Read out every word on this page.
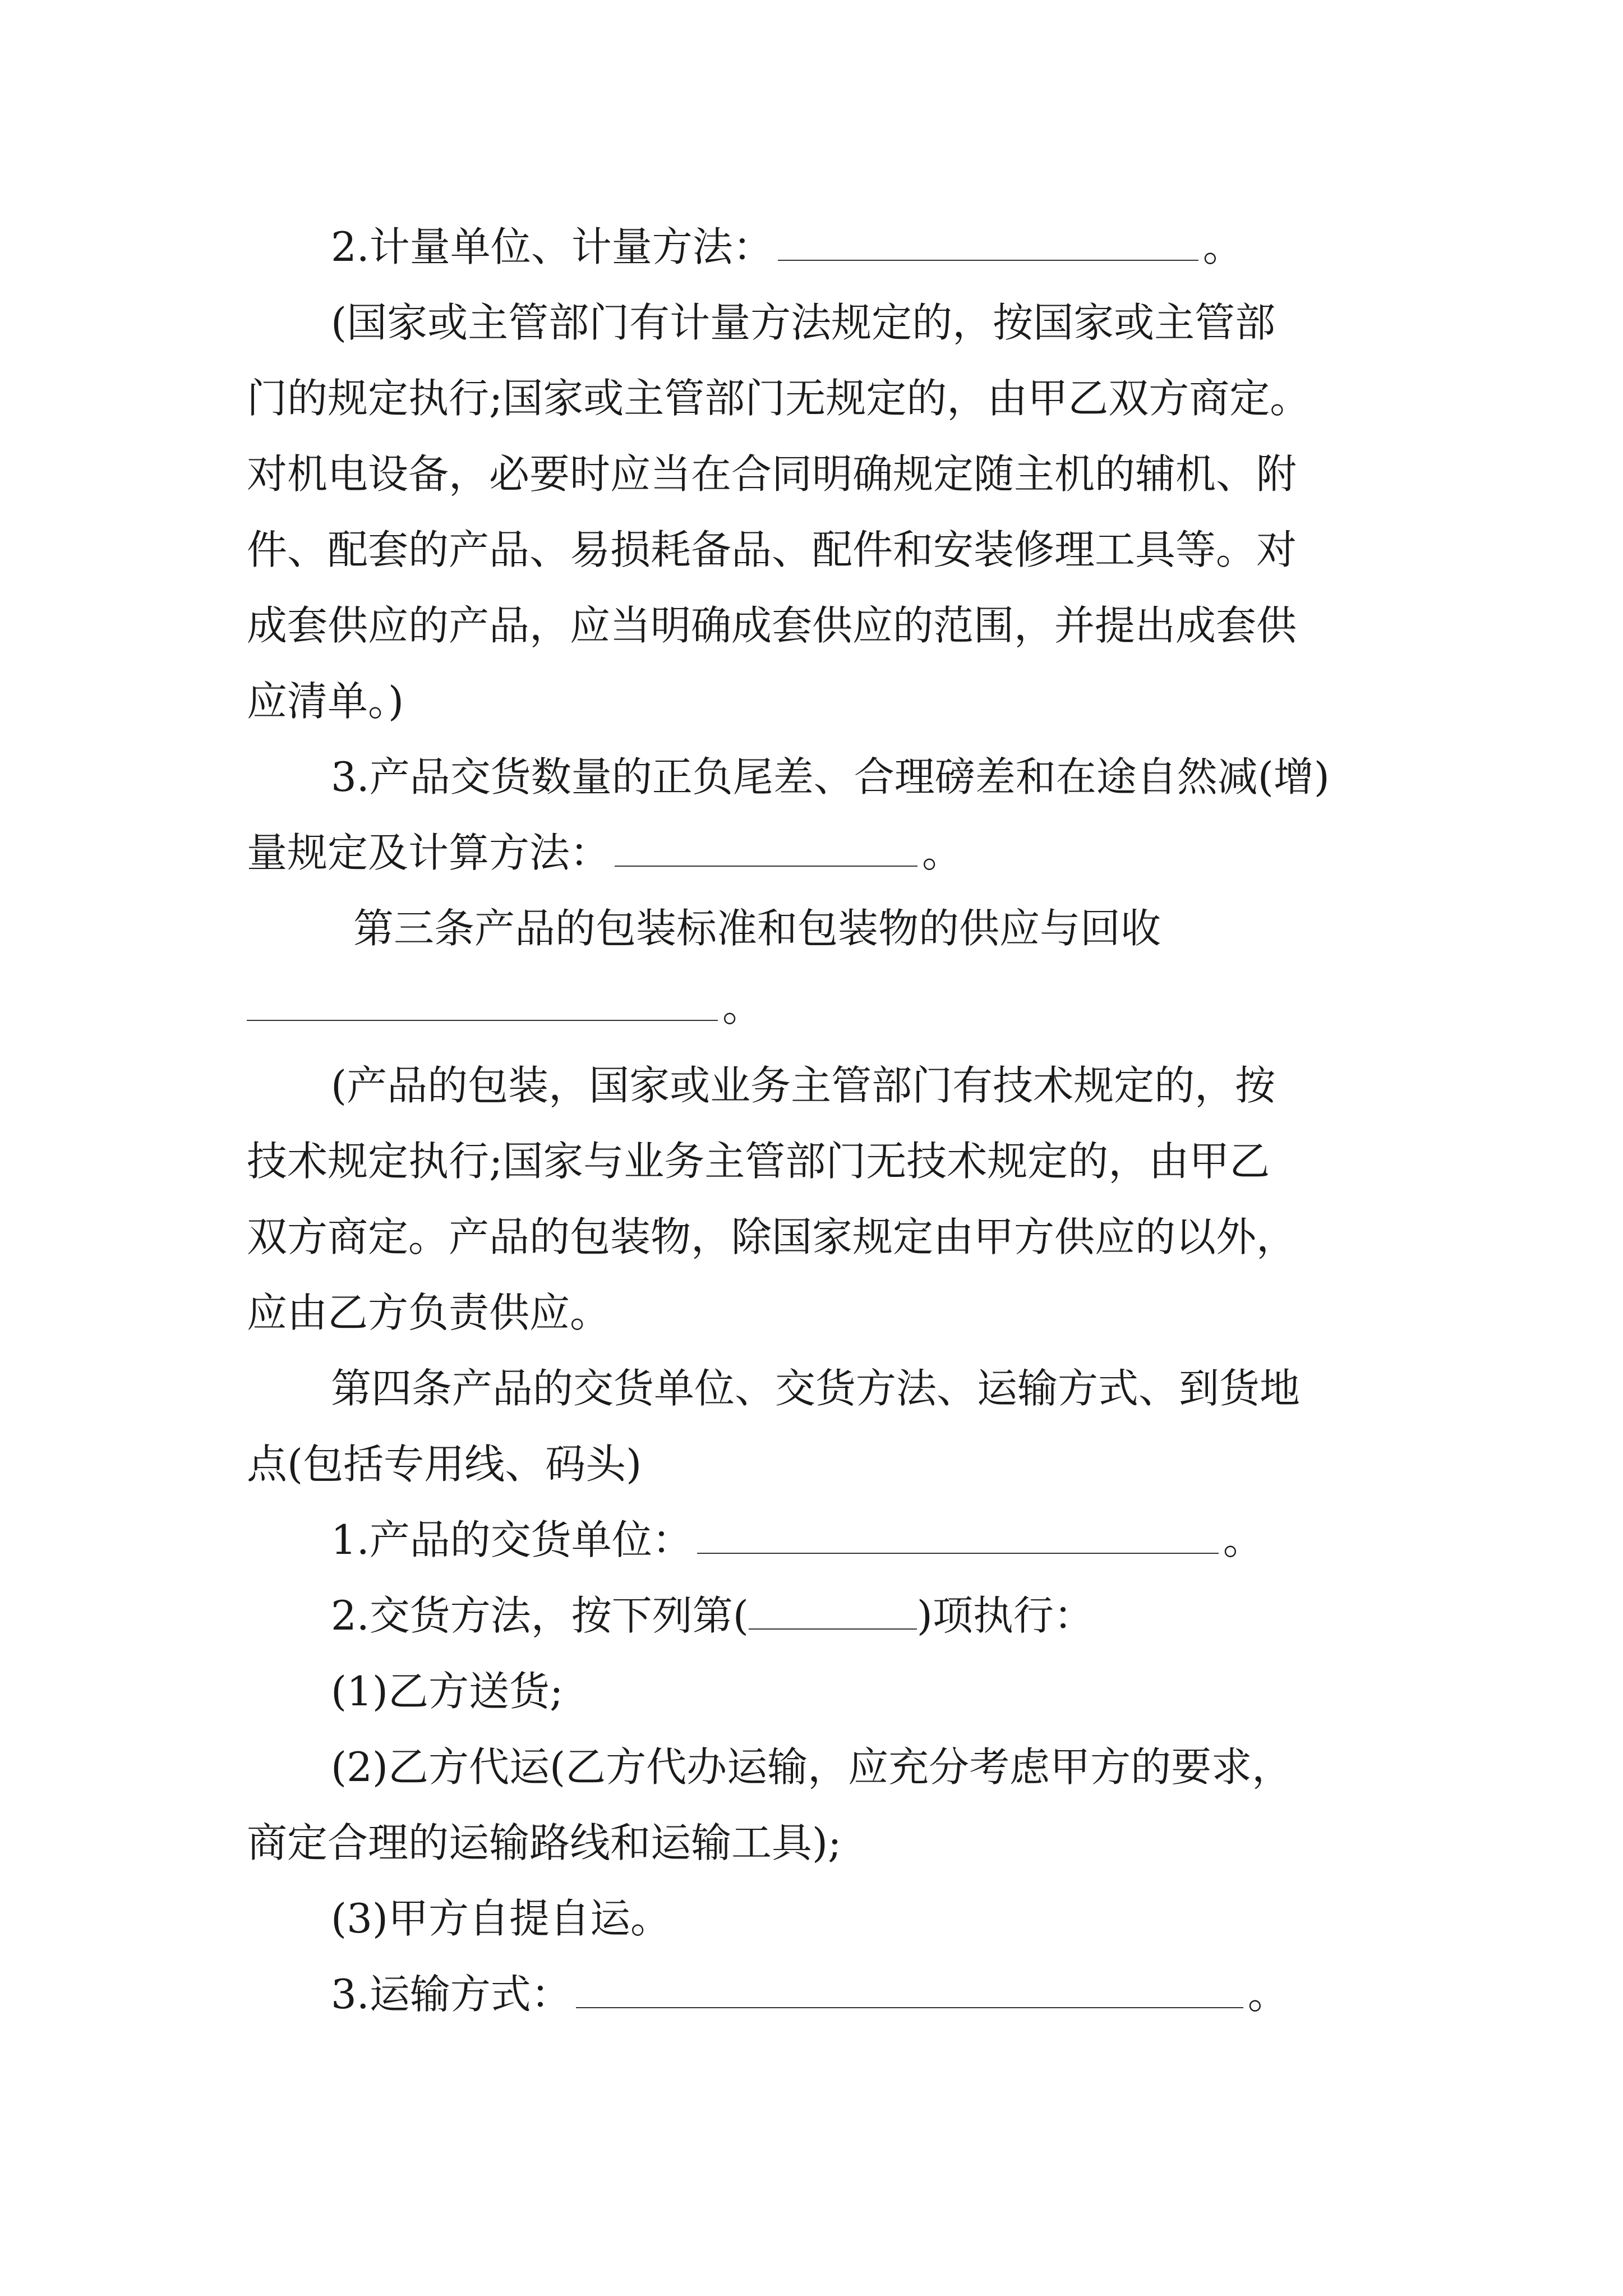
2.计量单位、计量方法：	。
(国家或主管部门有计量方法规定的，按国家或主管部
门的规定执行;国家或主管部门无规定的，由甲乙双方商定。
对机电设备，必要时应当在合同明确规定随主机的辅机、附
件、配套的产品、易损耗备品、配件和安装修理工具等。对
成套供应的产品，应当明确成套供应的范围，并提出成套供
应清单。)
3.产品交货数量的正负尾差、合理磅差和在途自然减(增)
量规定及计算方法：	。
第三条产品的包装标准和包装物的供应与回收
。
(产品的包装，国家或业务主管部门有技术规定的，按
技术规定执行;国家与业务主管部门无技术规定的，由甲乙
双方商定。产品的包装物，除国家规定由甲方供应的以外，
应由乙方负责供应。
第四条产品的交货单位、交货方法、运输方式、到货地
点(包括专用线、码头)
1.产品的交货单位：	。
2.交货方法，按下列第(	)项执行：
(1)乙方送货;
(2)乙方代运(乙方代办运输，应充分考虑甲方的要求，
商定合理的运输路线和运输工具);
(3)甲方自提自运。
3.运输方式：	。
